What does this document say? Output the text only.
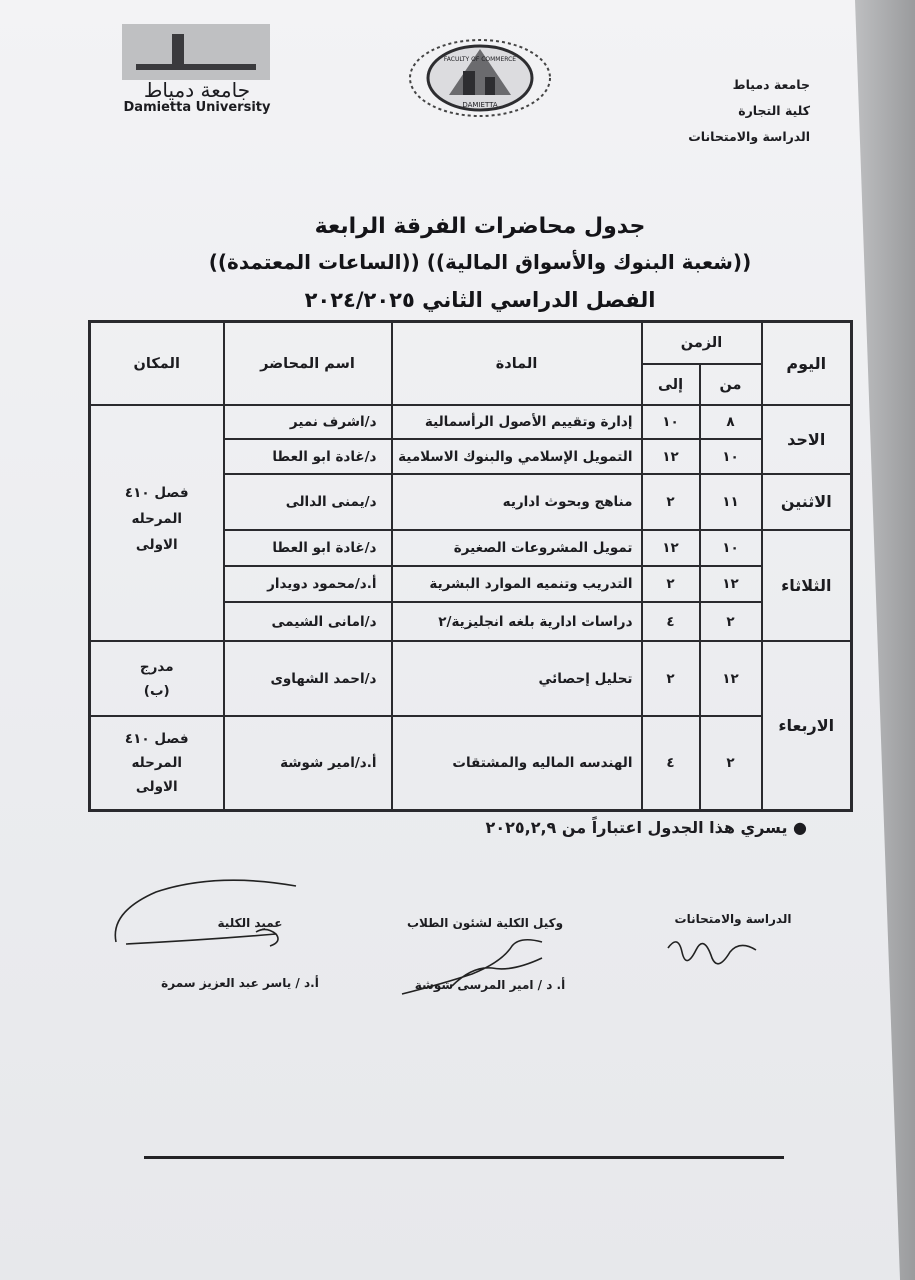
جامعة دمياط
Damietta University	DAMIETTA
FACULTY OF COMMERCE
جامعة دمياط
كلية التجارة
الدراسة والامتحانات
جدول محاضرات الفرقة الرابعة
((شعبة البنوك والأسواق المالية)) ((الساعات المعتمدة))
الفصل الدراسي الثاني ٢٠٢٤/٢٠٢٥
اليوم	الزمن		المادة	اسم المحاضر	المكان
	من	إلى			
الاحد	٨	١٠	إدارة وتقييم الأصول الرأسمالية	د/اشرف نمير	فصل ٤١٠
المرحله
الاولى

	١٠	١٢	التمويل الإسلامي والبنوك الاسلامية	د/غادة ابو العطا	
الاثنين	١١	٢	مناهج وبحوث اداريه	د/يمنى الدالى	
الثلاثاء	١٠	١٢	تمويل المشروعات الصغيرة	د/غادة ابو العطا	
	١٢	٢	التدريب وتنميه الموارد البشرية	أ.د/محمود دويدار	
	٢	٤	دراسات ادارية بلغه انجليزية/٢	د/امانى الشيمى	
الاربعاء	١٢	٢	تحليل إحصائي	د/احمد الشهاوى	مدرج
(ب)

	٢	٤	الهندسه الماليه والمشتقات	أ.د/امير شوشة	فصل ٤١٠
المرحله
الاولى
● يسري هذا الجدول اعتباراً من ٢٠٢٥,٢,٩
الدراسة والامتحانات
وكيل الكلية لشئون الطلاب
أ. د / امير المرسى شوشة
عميد الكلية
أ.د / ياسر عبد العزيز سمرة
